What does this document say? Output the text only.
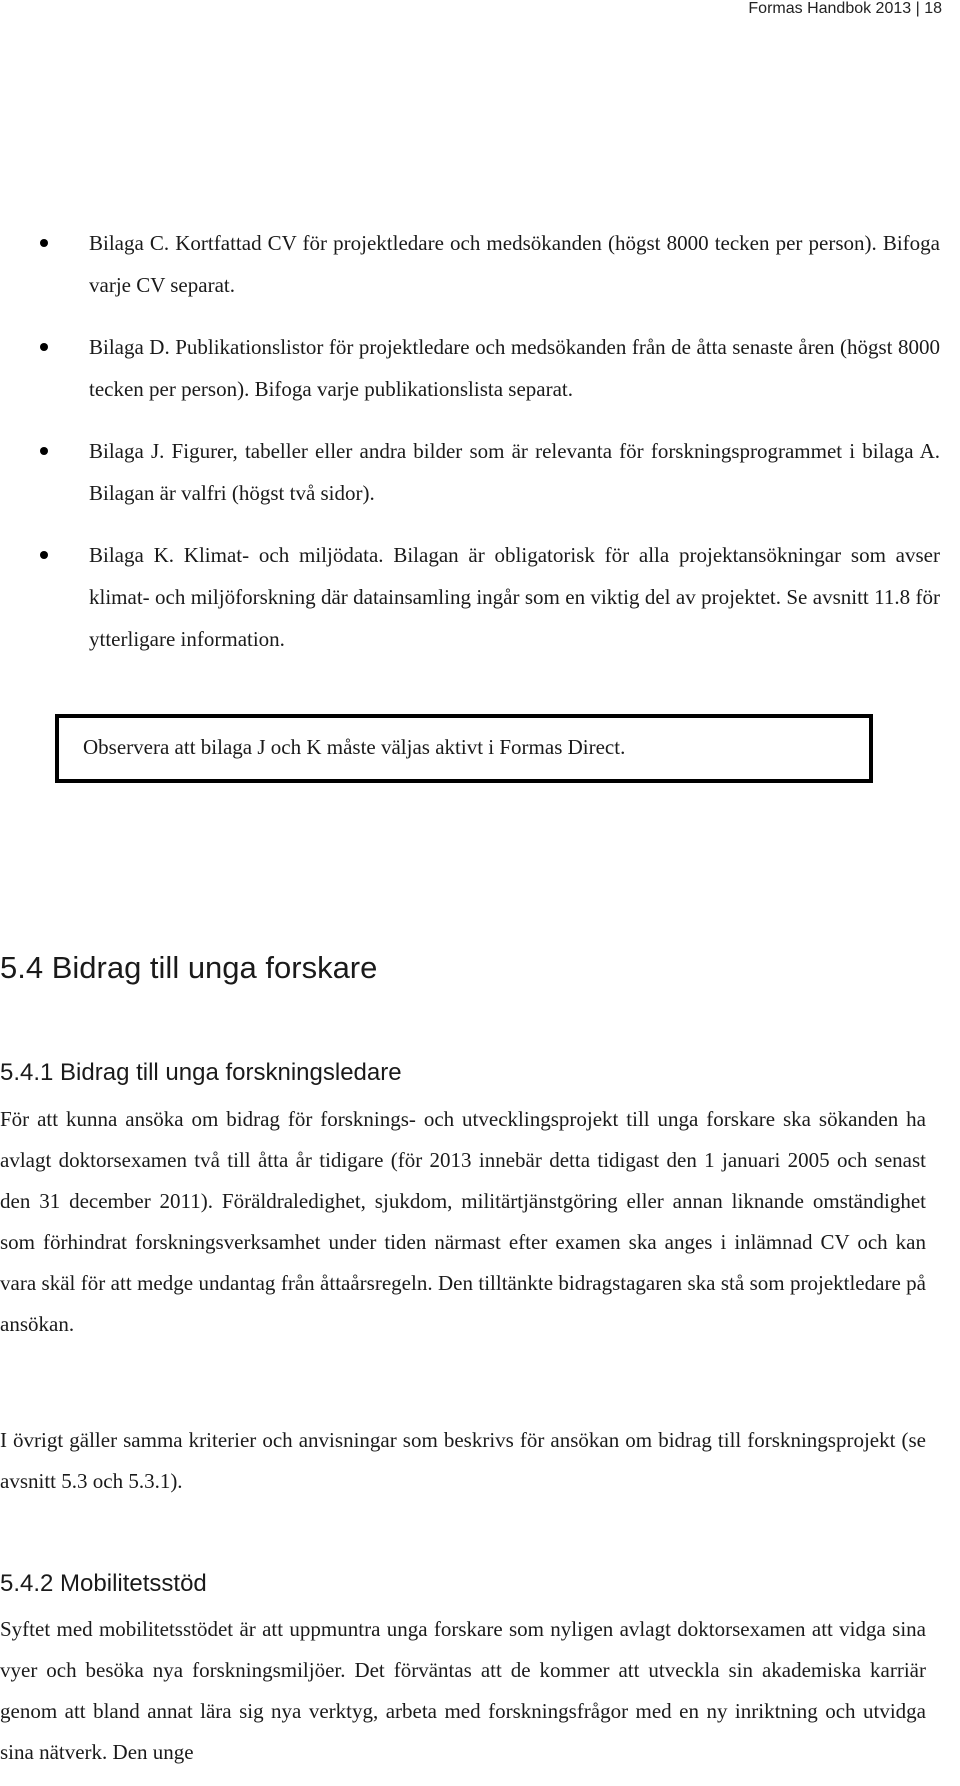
Formas Handbok 2013 | 18
Bilaga C. Kortfattad CV för projektledare och medsökanden (högst 8000 tecken per person). Bifoga varje CV separat.
Bilaga D. Publikationslistor för projektledare och medsökanden från de åtta senaste åren (högst 8000 tecken per person). Bifoga varje publikationslista separat.
Bilaga J. Figurer, tabeller eller andra bilder som är relevanta för forskningsprogrammet i bilaga A. Bilagan är valfri (högst två sidor).
Bilaga K. Klimat- och miljödata. Bilagan är obligatorisk för alla projektansökningar som avser klimat- och miljöforskning där datainsamling ingår som en viktig del av projektet. Se avsnitt 11.8 för ytterligare information.
Observera att bilaga J och K måste väljas aktivt i Formas Direct.
5.4 Bidrag till unga forskare
5.4.1 Bidrag till unga forskningsledare

För att kunna ansöka om bidrag för forsknings- och utvecklingsprojekt till unga forskare ska sökanden ha avlagt doktorsexamen två till åtta år tidigare (för 2013 innebär detta tidigast den 1 januari 2005 och senast den 31 december 2011). Föräldraledighet, sjukdom, militärtjänstgöring eller annan liknande omständighet som förhindrat forskningsverksamhet under tiden närmast efter examen ska anges i inlämnad CV och kan vara skäl för att medge undantag från åttaårsregeln. Den tilltänkte bidragstagaren ska stå som projektledare på ansökan.

I övrigt gäller samma kriterier och anvisningar som beskrivs för ansökan om bidrag till forskningsprojekt (se avsnitt 5.3 och 5.3.1).

5.4.2 Mobilitetsstöd

Syftet med mobilitetsstödet är att uppmuntra unga forskare som nyligen avlagt doktorsexamen att vidga sina vyer och besöka nya forskningsmiljöer. Det förväntas att de kommer att utveckla sin akademiska karriär genom att bland annat lära sig nya verktyg, arbeta med forskningsfrågor med en ny inriktning och utvidga sina nätverk. Den unge
